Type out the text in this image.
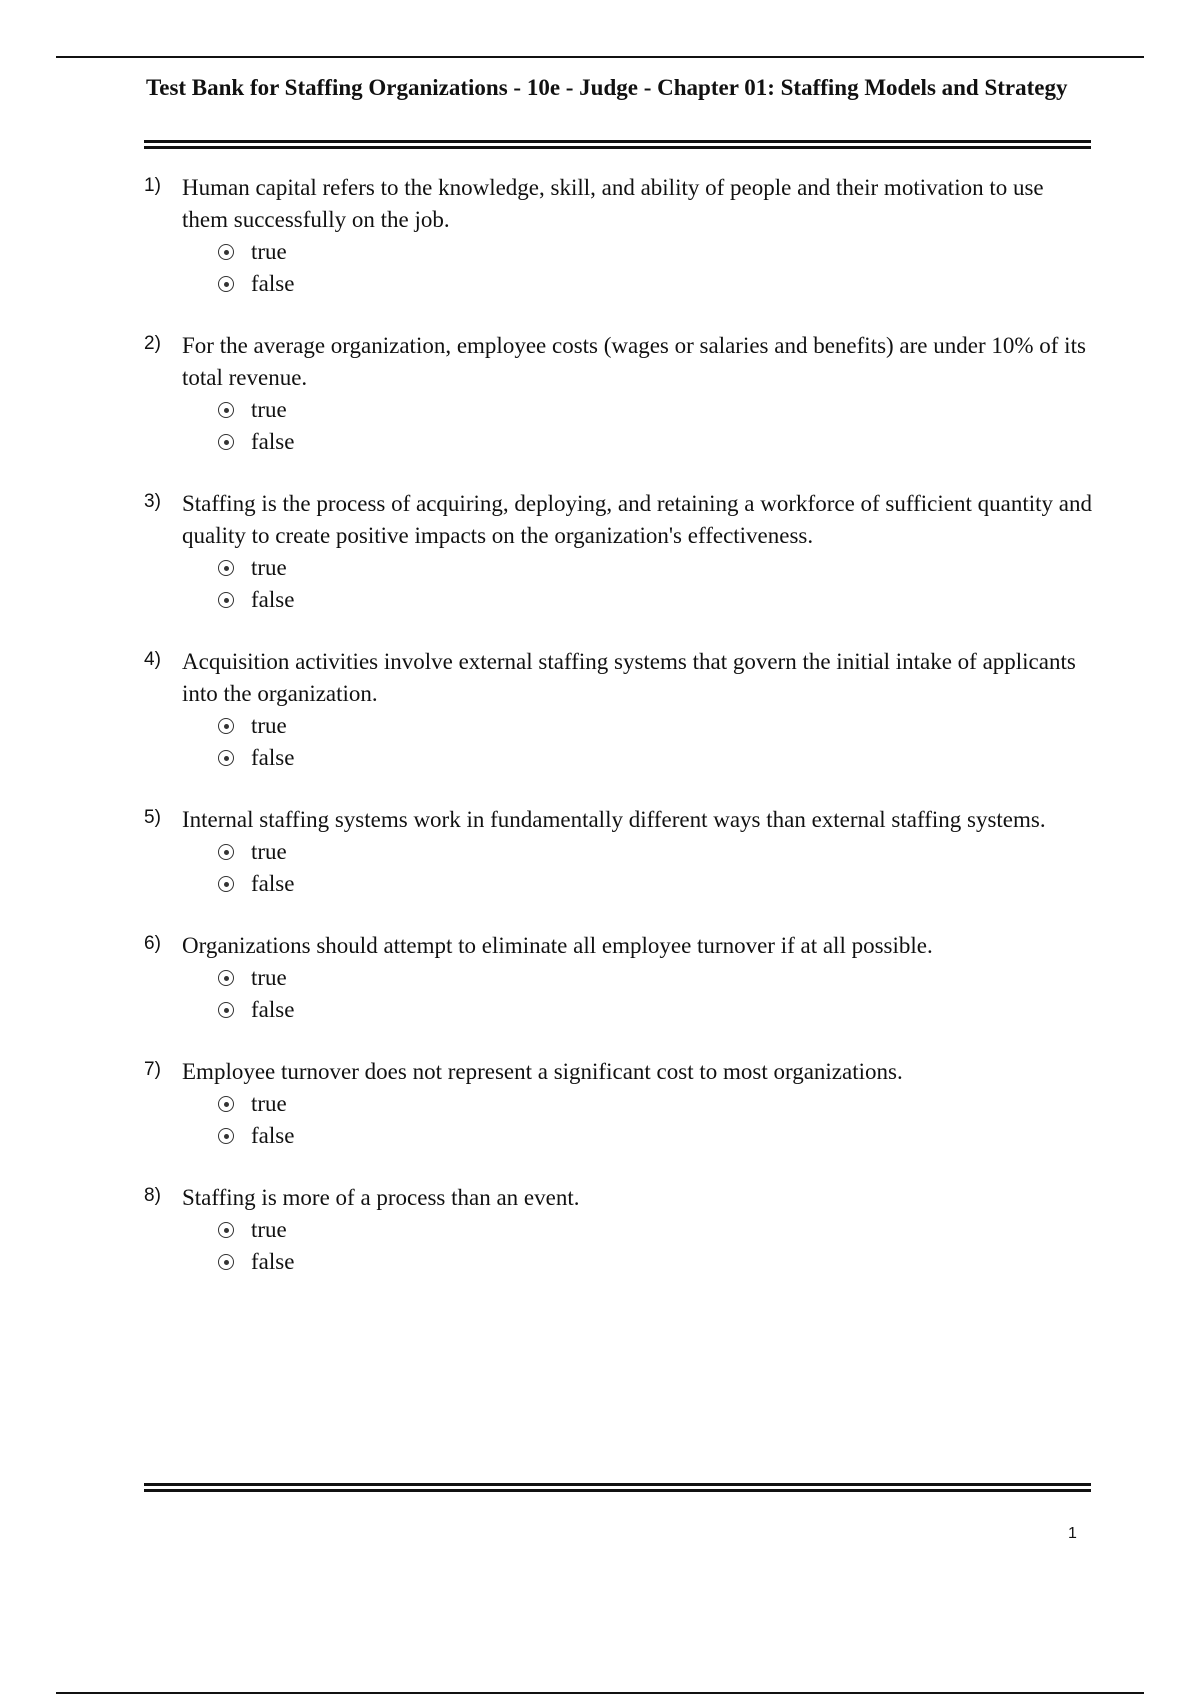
Test Bank for Staffing Organizations - 10e - Judge - Chapter 01: Staffing Models and Strategy
1) Human capital refers to the knowledge, skill, and ability of people and their motivation to use them successfully on the job.
true
false
2) For the average organization, employee costs (wages or salaries and benefits) are under 10% of its total revenue.
true
false
3) Staffing is the process of acquiring, deploying, and retaining a workforce of sufficient quantity and quality to create positive impacts on the organization's effectiveness.
true
false
4) Acquisition activities involve external staffing systems that govern the initial intake of applicants into the organization.
true
false
5) Internal staffing systems work in fundamentally different ways than external staffing systems.
true
false
6) Organizations should attempt to eliminate all employee turnover if at all possible.
true
false
7) Employee turnover does not represent a significant cost to most organizations.
true
false
8) Staffing is more of a process than an event.
true
false
1
